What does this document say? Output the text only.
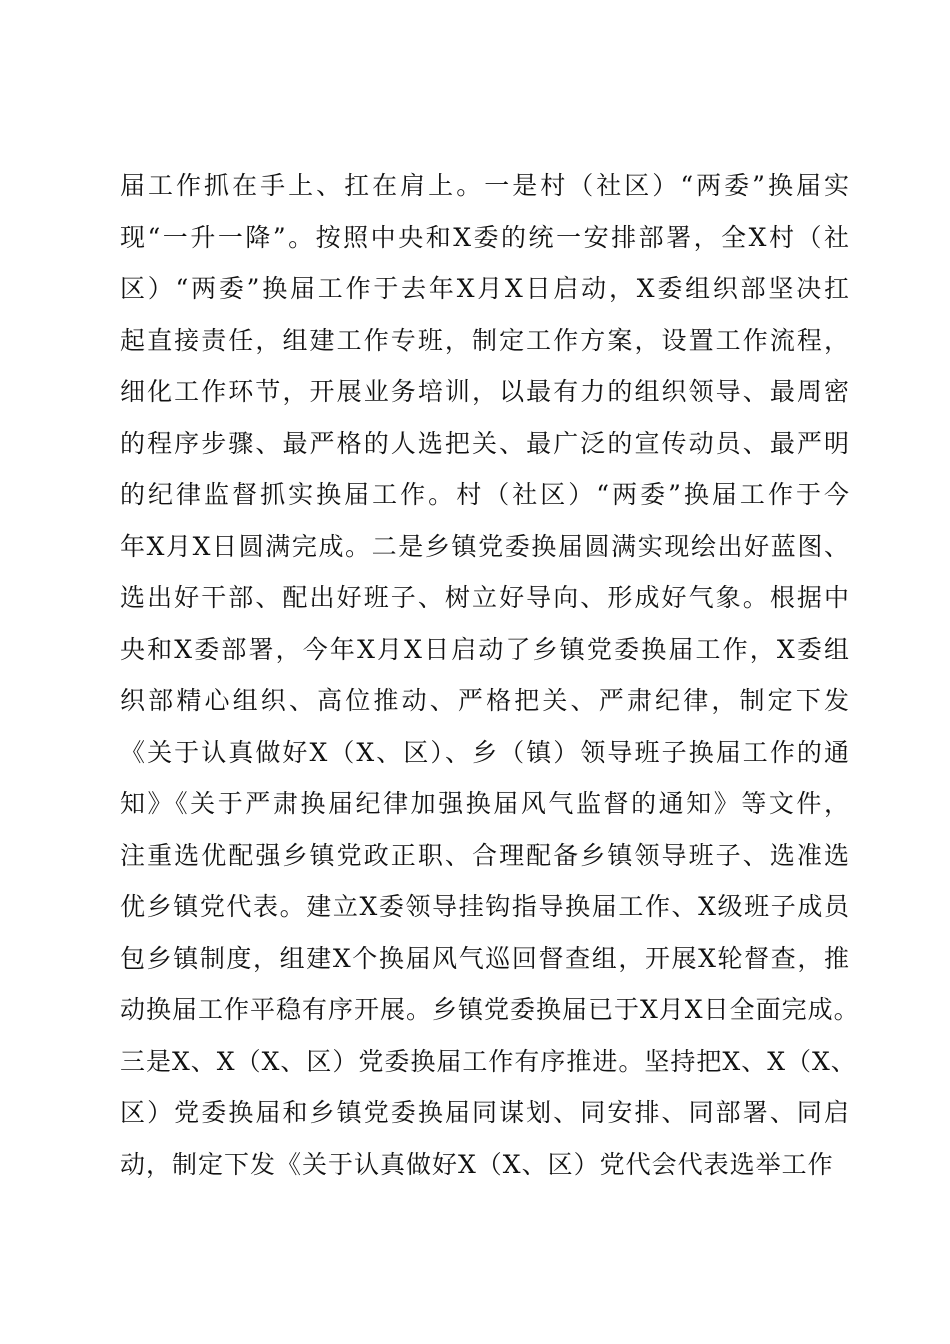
届工作抓在手上、扛在肩上。一是村（社区）“两委”换届实
现“一升一降”。按照中央和X委的统一安排部署，全X村（社
区）“两委”换届工作于去年X月X日启动，X委组织部坚决扛
起直接责任，组建工作专班，制定工作方案，设置工作流程，
细化工作环节，开展业务培训，以最有力的组织领导、最周密
的程序步骤、最严格的人选把关、最广泛的宣传动员、最严明
的纪律监督抓实换届工作。村（社区）“两委”换届工作于今
年X月X日圆满完成。二是乡镇党委换届圆满实现绘出好蓝图、
选出好干部、配出好班子、树立好导向、形成好气象。根据中
央和X委部署，今年X月X日启动了乡镇党委换届工作，X委组
织部精心组织、高位推动、严格把关、严肃纪律，制定下发
《关于认真做好X（X、区）、乡（镇）领导班子换届工作的通
知》《关于严肃换届纪律加强换届风气监督的通知》等文件，
注重选优配强乡镇党政正职、合理配备乡镇领导班子、选准选
优乡镇党代表。建立X委领导挂钩指导换届工作、X级班子成员
包乡镇制度，组建X个换届风气巡回督查组，开展X轮督查，推
动换届工作平稳有序开展。乡镇党委换届已于X月X日全面完成。
三是X、X（X、区）党委换届工作有序推进。坚持把X、X（X、
区）党委换届和乡镇党委换届同谋划、同安排、同部署、同启
动，制定下发《关于认真做好X（X、区）党代会代表选举工作
